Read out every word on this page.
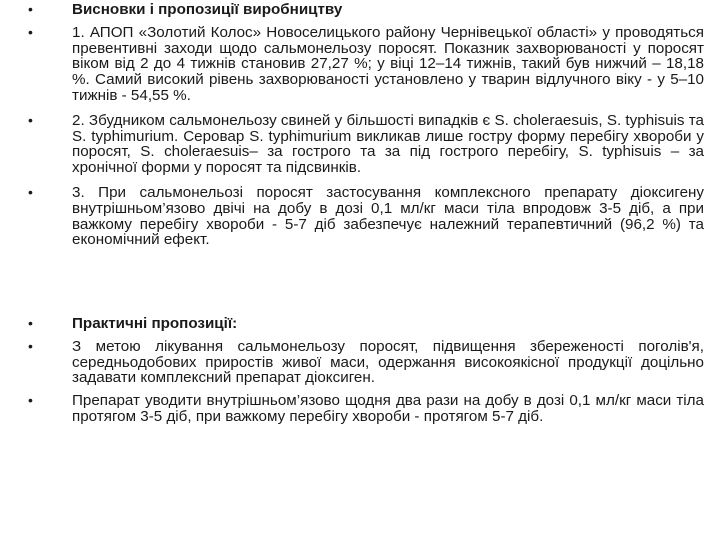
•	Висновки і пропозиції виробництву
•	1. АПОП «Золотий Колос» Новоселицького району Чернівецької області» у проводяться превентивні заходи щодо сальмонельозу поросят. Показник захворюваності у поросят віком від 2 до 4 тижнів становив 27,27 %; у віці 12–14 тижнів, такий був нижчий – 18,18 %. Самий високий рівень захворюваності установлено у тварин відлучного віку - у 5–10 тижнів - 54,55 %.
•	2. Збудником сальмонельозу свиней у більшості випадків є S. choleraesuis, S. typhisuis та S. typhimurium. Серовар S. typhimurium викликав лише гостру форму перебігу хвороби у поросят, S. choleraesuis– за гострого та за під гострого перебігу, S. typhisuis – за хронічної форми у поросят та підсвинків.
•	3. При сальмонельозі поросят застосування комплексного препарату діоксигену внутрішньом’язово двічі на добу в дозі 0,1 мл/кг маси тіла впродовж 3-5 діб, а при важкому перебігу хвороби - 5-7 діб забезпечує належний терапевтичний (96,2 %) та економічний ефект.
•	Практичні пропозиції:
•	З метою лікування сальмонельозу поросят, підвищення збереженості поголів'я, середньодобових приростів живої маси, одержання високоякісної продукції доцільно задавати комплексний препарат діоксиген.
•	Препарат уводити внутрішньом’язово щодня два рази на добу в дозі 0,1 мл/кг маси тіла протягом 3-5 діб, при важкому перебігу хвороби - протягом 5-7 діб.
